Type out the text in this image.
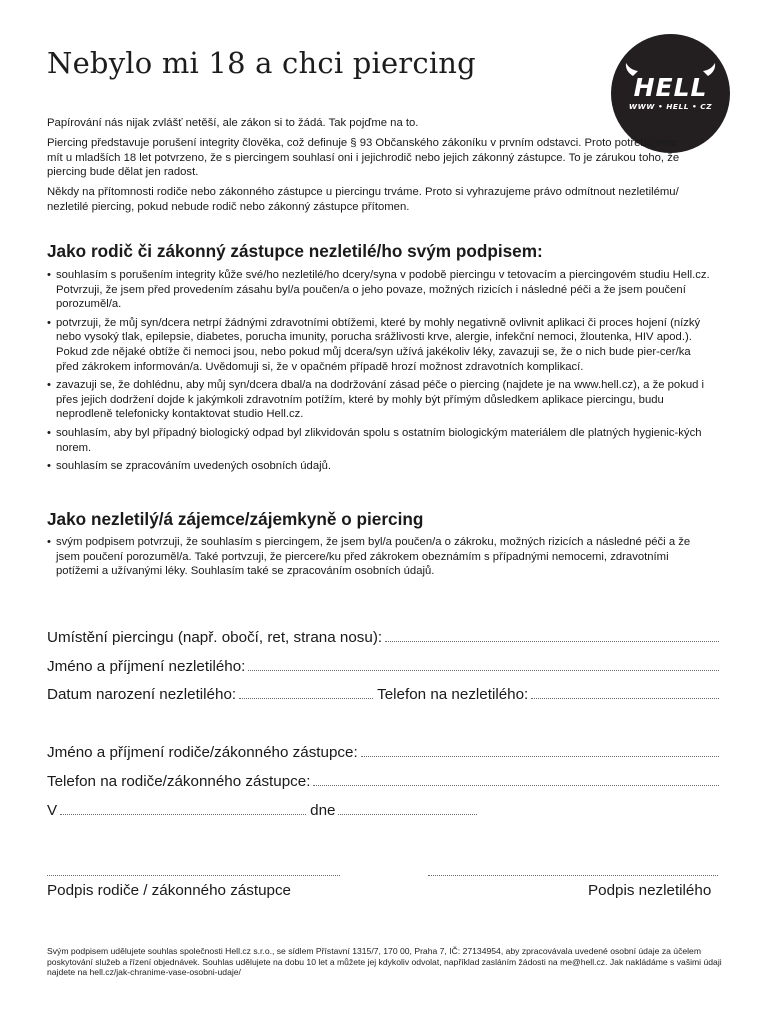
Nebylo mi 18 a chci piercing
HELL
WWW • HELL • CZ

Papírování nás nijak zvlášť netěší, ale zákon si to žádá. Tak pojďme na to.

Piercing představuje porušení integrity člověka, což definuje § 93 Občanského zákoníku v prvním odstavci. Proto potřebujeme mít u mladších 18 let potvrzeno, že s piercingem souhlasí oni i jejichrodič nebo jejich zákonný zástupce. To je zárukou toho, že piercing bude dělat jen radost.

Někdy na přítomnosti rodiče nebo zákonného zástupce u piercingu trváme. Proto si vyhrazujeme právo odmítnout nezletilému/ nezletilé piercing, pokud nebude rodič nebo zákonný zástupce přítomen.

Jako rodič či zákonný zástupce nezletilé/ho svým podpisem:
• souhlasím s porušením integrity kůže své/ho nezletilé/ho dcery/syna v podobě piercingu v tetovacím a piercingovém studiu Hell.cz. Potvrzuji, že jsem před provedením zásahu byl/a poučen/a o jeho povaze, možných rizicích i následné péči a že jsem poučení porozuměl/a.
• potvrzuji, že můj syn/dcera netrpí žádnými zdravotními obtížemi, které by mohly negativně ovlivnit aplikaci či proces hojení (nízký nebo vysoký tlak, epilepsie, diabetes, porucha imunity, porucha srážlivosti krve, alergie, infekční nemoci, žloutenka, HIV apod.). Pokud zde nějaké obtíže či nemoci jsou, nebo pokud můj dcera/syn užívá jakékoliv léky, zavazuji se, že o nich bude pier-cer/ka před zákrokem informován/a. Uvědomuji si, že v opačném případě hrozí možnost zdravotních komplikací.
• zavazuji se, že dohlédnu, aby můj syn/dcera dbal/a na dodržování zásad péče o piercing (najdete je na www.hell.cz), a že pokud i přes jejich dodržení dojde k jakýmkoli zdravotním potížím, které by mohly být přímým důsledkem aplikace piercingu, budu neprodleně telefonicky kontaktovat studio Hell.cz.
• souhlasím, aby byl případný biologický odpad byl zlikvidován spolu s ostatním biologickým materiálem dle platných hygienic-kých norem.
• souhlasím se zpracováním uvedených osobních údajů.
Jako nezletilý/á zájemce/zájemkyně o piercing
• svým podpisem potvrzuji, že souhlasím s piercingem, že jsem byl/a poučen/a o zákroku, možných rizicích a následné péči a že jsem poučení porozuměl/a. Také portvzuji, že piercere/ku před zákrokem obeznámím s případnými nemocemi, zdravotními potížemi a užívanými léky. Souhlasím také se zpracováním osobních údajů.
Umístění piercingu (např. obočí, ret, strana nosu):
Jméno a příjmení nezletilého:
Datum narození nezletilého:	Telefon na nezletilého:
Jméno a příjmení rodiče/zákonného zástupce:
Telefon na rodiče/zákonného zástupce:
V	dne
Podpis rodiče / zákonného zástupce	Podpis nezletilého
Svým podpisem udělujete souhlas společnosti Hell.cz s.r.o., se sídlem Přístavní 1315/7, 170 00, Praha 7, IČ: 27134954, aby zpracovávala uvedené osobní údaje za účelem poskytování služeb a řízení objednávek. Souhlas udělujete na dobu 10 let a můžete jej kdykoliv odvolat, například zasláním žádosti na me@hell.cz. Jak nakládáme s vašimi údaji najdete na hell.cz/jak-chranime-vase-osobni-udaje/
